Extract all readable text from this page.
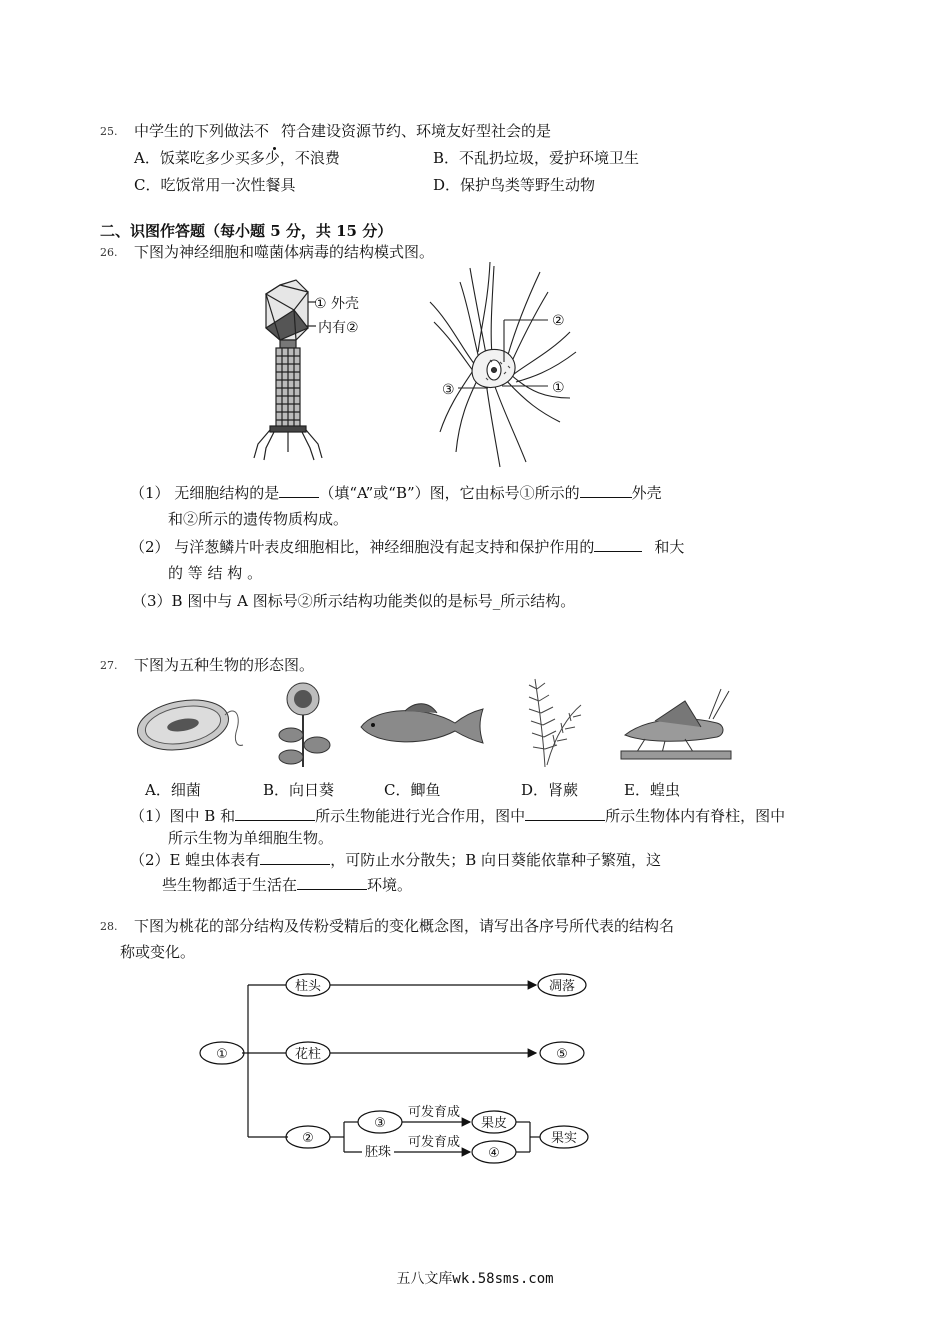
25. 中学生的下列做法不 符合建设资源节约、环境友好型社会的是
A．饭菜吃多少买多少，不浪费	B．不乱扔垃圾，爱护环境卫生
C．吃饭常用一次性餐具	D．保护鸟类等野生动物
二、识图作答题（每小题 5 分，共 15 分）
26. 下图为神经细胞和噬菌体病毒的结构模式图。
① 外壳
内有②	②
①
③
（1） 无细胞结构的是	（填“A”或“B”）图，它由标号①所示的	外壳
和②所示的遗传物质构成。
（2） 与洋葱鳞片叶表皮细胞相比，神经细胞没有起支持和保护作用的	和大
的 等 结 构 。
（3）B 图中与 A 图标号②所示结构功能类似的是标号_所示结构。
27. 下图为五种生物的形态图。
A．细菌	B．向日葵	C．鲫鱼	D．肾蕨	E．蝗虫
（1）图中 B 和	所示生物能进行光合作用，图中	所示生物体内有脊柱，图中
所示生物为单细胞生物。
（2）E 蝗虫体表有	，可防止水分散失；B 向日葵能依靠种子繁殖，这
些生物都适于生活在	环境。
28. 下图为桃花的部分结构及传粉受精后的变化概念图，请写出各序号所代表的结构名
称或变化。
①
柱头
花柱
②
凋落
⑤
③
胚珠
可发育成
可发育成
果皮
④
果实
五八文库wk.58sms.com
